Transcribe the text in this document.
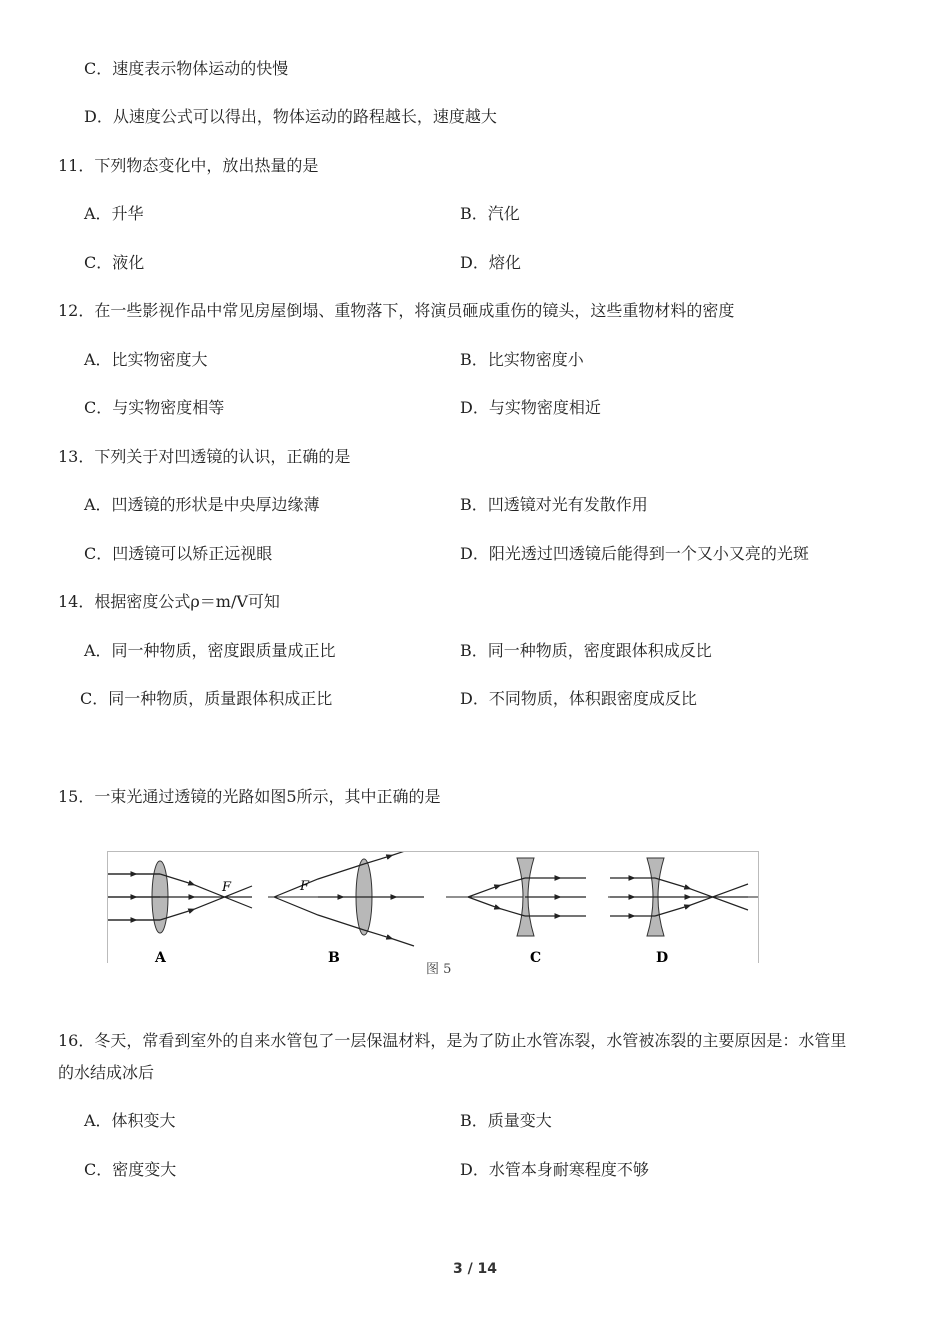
C．速度表示物体运动的快慢
D．从速度公式可以得出，物体运动的路程越长，速度越大
11．下列物态变化中，放出热量的是
A．升华	B．汽化
C．液化	D．熔化
12．在一些影视作品中常见房屋倒塌、重物落下，将演员砸成重伤的镜头，这些重物材料的密度
A．比实物密度大	B．比实物密度小
C．与实物密度相等	D．与实物密度相近
13．下列关于对凹透镜的认识，正确的是
A．凹透镜的形状是中央厚边缘薄	B．凹透镜对光有发散作用
C．凹透镜可以矫正远视眼	D．阳光透过凹透镜后能得到一个又小又亮的光斑
14．根据密度公式ρ＝m/V可知
A．同一种物质，密度跟质量成正比	B．同一种物质，密度跟体积成反比
C．同一种物质，质量跟体积成正比	D．不同物质，体积跟密度成反比
15．一束光通过透镜的光路如图5所示，其中正确的是
F
A
F
B	C	D
图 5
16．冬天，常看到室外的自来水管包了一层保温材料，是为了防止水管冻裂，水管被冻裂的主要原因是：水管里
的水结成冰后
A．体积变大	B．质量变大
C．密度变大	D．水管本身耐寒程度不够
3 / 14
